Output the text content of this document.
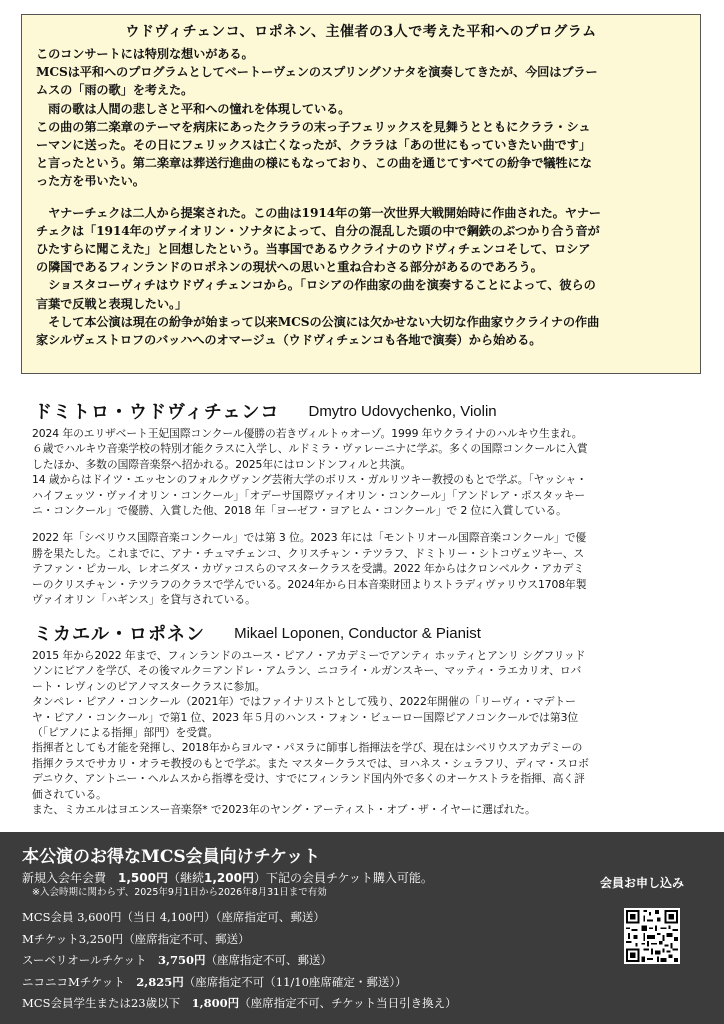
ウドヴィチェンコ、ロポネン、主催者の3人で考えた平和へのプログラム

このコンサートには特別な想いがある。
MCSは平和へのプログラムとしてベートーヴェンのスプリングソナタを演奏してきたが、今回はブラー
ムスの「雨の歌」を考えた。

　雨の歌は人間の悲しさと平和への憧れを体現している。
この曲の第二楽章のテーマを病床にあったクララの末っ子フェリックスを見舞うとともにクララ・シュ
ーマンに送った。その日にフェリックスは亡くなったが、クララは「あの世にもっていきたい曲です」
と言ったという。第二楽章は葬送行進曲の様にもなっており、この曲を通じてすべての紛争で犠牲にな
った方を弔いたい。

　ヤナーチェクは二人から提案された。この曲は1914年の第一次世界大戦開始時に作曲された。ヤナー
チェクは「1914年のヴァイオリン・ソナタによって、自分の混乱した頭の中で鋼鉄のぶつかり合う音が
ひたすらに聞こえた」と回想したという。当事国であるウクライナのウドヴィチェンコそして、ロシア
の隣国であるフィンランドのロポネンの現状への思いと重ね合わさる部分があるのであろう。
　ショスタコーヴィチはウドヴィチェンコから。「ロシアの作曲家の曲を演奏することによって、彼らの
言葉で反戦と表現したい。」
　そして本公演は現在の紛争が始まって以来MCSの公演には欠かせない大切な作曲家ウクライナの作曲
家シルヴェストロフのバッハへのオマージュ（ウドヴィチェンコも各地で演奏）から始める。

ドミトロ・ウドヴィチェンコ Dmytro Udovychenko, Violin

2024 年のエリザベート王妃国際コンクール優勝の若きヴィルトゥオーゾ。1999 年ウクライナのハルキウ生まれ。
６歳でハルキウ音楽学校の特別才能クラスに入学し、ルドミラ・ヴァレーニナに学ぶ。多くの国際コンクールに入賞
したほか、多数の国際音楽祭へ招かれる。2025年にはロンドンフィルと共演。
14 歳からはドイツ・エッセンのフォルクヴァング芸術大学のボリス・ガルリツキー教授のもとで学ぶ。「ヤッシャ・
ハイフェッツ・ヴァイオリン・コンクール」「オデーサ国際ヴァイオリン・コンクール」「アンドレア・ポスタッキー
ニ・コンクール」で優勝、入賞した他、2018 年「ヨーゼフ・ヨアヒム・コンクール」で 2 位に入賞している。

2022 年「シベリウス国際音楽コンクール」では第 3 位。2023 年には「モントリオール国際音楽コンクール」で優
勝を果たした。これまでに、アナ・チュマチェンコ、クリスチャン・テツラフ、ドミトリー・シトコヴェツキー、ス
テファン・ピカール、レオニダス・カヴァコスらのマスタークラスを受講。2022 年からはクロンベルク・アカデミ
ーのクリスチャン・テツラフのクラスで学んでいる。2024年から日本音楽財団よりストラディヴァリウス1708年製
ヴァイオリン「ハギンス」を貸与されている。

ミカエル・ロポネン Mikael Loponen, Conductor & Pianist

2015 年から2022 年まで、フィンランドのユース・ピアノ・アカデミーでアンティ ホッティとアンリ シグフリッド
ソンにピアノを学び、その後マルク＝アンドレ・アムラン、ニコライ・ルガンスキー、マッティ・ラエカリオ、ロバ
ート・レヴィンのピアノマスタークラスに参加。
タンペレ・ピアノ・コンクール（2021年）ではファイナリストとして残り、2022年開催の「リーヴィ・マデトー
ヤ・ピアノ・コンクール」で第1 位、2023 年５月のハンス・フォン・ビューロー国際ピアノコンクールでは第3位
（「ピアノによる指揮」部門）を受賞。
指揮者としても才能を発揮し、2018年からヨルマ・パヌラに師事し指揮法を学び、現在はシベリウスアカデミーの
指揮クラスでサカリ・オラモ教授のもとで学ぶ。また マスタークラスでは、ヨハネス・シュラフリ、ディマ・スロボ
デニウク、アントニー・ヘルムスから指導を受け、すでにフィンランド国内外で多くのオーケストラを指揮、高く評
価されている。
また、ミカエルはヨエンスー音楽祭* で2023年のヤング・アーティスト・オブ・ザ・イヤーに選ばれた。

本公演のお得なMCS会員向けチケット

新規入会年会費　1,500円（継続1,200円）下記の会員チケット購入可能。

※入会時期に関わらず、2025年9月1日から2026年8月31日まで有効

MCS会員 3,600円（当日 4,100円）（座席指定可、郵送）

Mチケット3,250円（座席指定不可、郵送）

スーベリオールチケット　3,750円（座席指定不可、郵送）

ニコニコMチケット　2,825円（座席指定不可（11/10座席確定・郵送））

MCS会員学生または23歳以下　1,800円（座席指定不可、チケット当日引き換え）

会員お申し込み
